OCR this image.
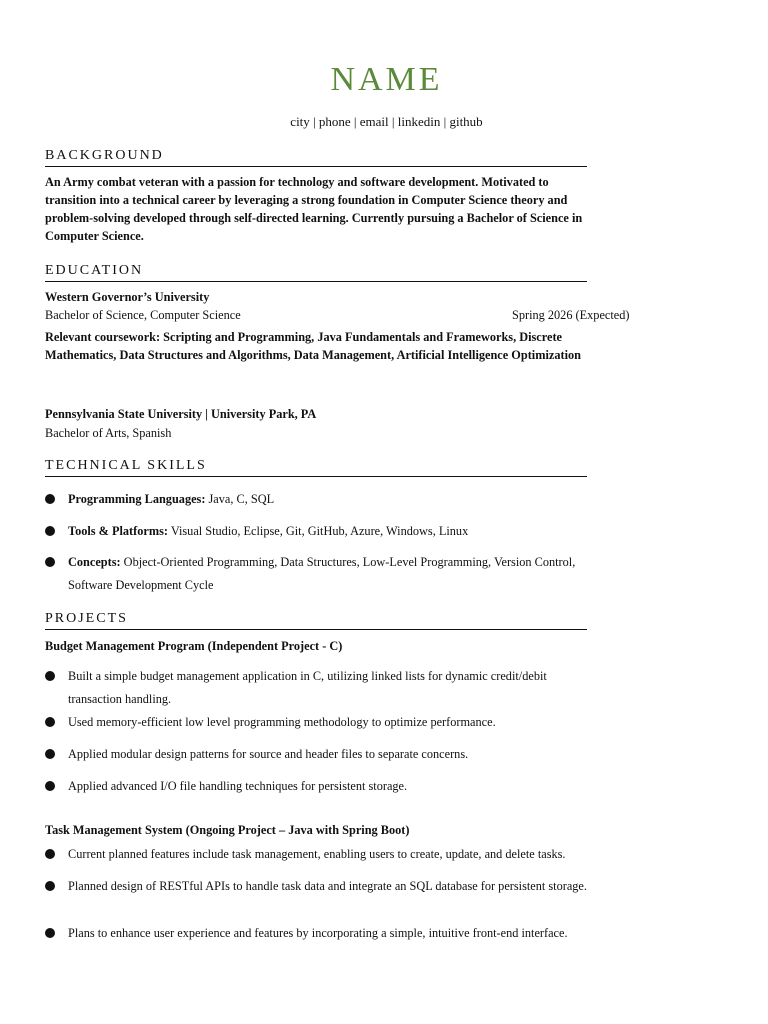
NAME
city | phone | email | linkedin | github
BACKGROUND
An Army combat veteran with a passion for technology and software development. Motivated to transition into a technical career by leveraging a strong foundation in Computer Science theory and problem-solving developed through self-directed learning. Currently pursuing a Bachelor of Science in Computer Science.
EDUCATION
Western Governor’s University
Bachelor of Science, Computer Science	Spring 2026 (Expected)
Relevant coursework: Scripting and Programming, Java Fundamentals and Frameworks, Discrete Mathematics, Data Structures and Algorithms, Data Management, Artificial Intelligence Optimization
Pennsylvania State University | University Park, PA
Bachelor of Arts, Spanish
TECHNICAL SKILLS
Programming Languages: Java, C, SQL
Tools & Platforms: Visual Studio, Eclipse, Git, GitHub, Azure, Windows, Linux
Concepts: Object-Oriented Programming, Data Structures, Low-Level Programming, Version Control, Software Development Cycle
PROJECTS
Budget Management Program (Independent Project - C)
Built a simple budget management application in C, utilizing linked lists for dynamic credit/debit transaction handling.
Used memory-efficient low level programming methodology to optimize performance.
Applied modular design patterns for source and header files to separate concerns.
Applied advanced I/O file handling techniques for persistent storage.
Task Management System (Ongoing Project – Java with Spring Boot)
Current planned features include task management, enabling users to create, update, and delete tasks.
Planned design of RESTful APIs to handle task data and integrate an SQL database for persistent storage.
Plans to enhance user experience and features by incorporating a simple, intuitive front-end interface.
